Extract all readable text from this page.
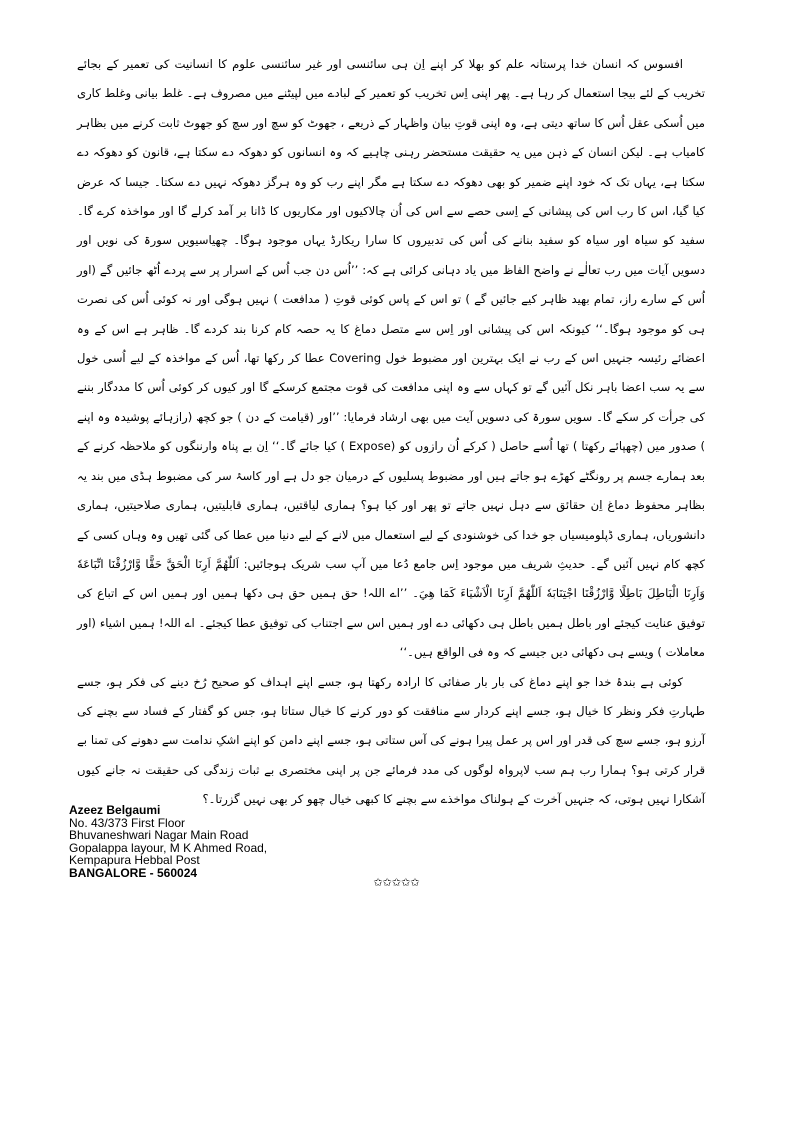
افسوس کہ انسان خدا پرستانہ علم کو بھلا کر اپنے اِن ہی سائنسی اور غیر سائنسی علوم کا انسانیت کی تعمیر کے بجائے تخریب کے لئے بیجا استعمال کر رہا ہے۔ پھر اپنی اِس تخریب کو تعمیر کے لبادے میں لپیٹنے میں مصروف ہے۔ غلط بیانی وغلط کاری میں اُسکی عقل اُس کا ساتھ دیتی ہے، وہ اپنی قوتِ بیان واظہار کے ذریعے ، جھوٹ کو سچ اور سچ کو جھوٹ ثابت کرنے میں بظاہر کامیاب ہے۔ لیکن انسان کے ذہن میں یہ حقیقت مستحضر رہنی چاہیے کہ وہ انسانوں کو دھوکہ دے سکتا ہے، قانون کو دھوکہ دے سکتا ہے، یہاں تک کہ خود اپنے ضمیر کو بھی دھوکہ دے سکتا ہے مگر اپنے رب کو وہ ہرگز دھوکہ نہیں دے سکتا۔ جیسا کہ عرض کیا گیا، اس کا رب اس کی پیشانی کے اِسی حصے سے اس کی اُن چالاکیوں اور مکاریوں کا ڈانا بر آمد کرلے گا اور مواخذہ کرے گا۔ سفید کو سیاہ اور سیاہ کو سفید بنانے کی اُس کی تدبیروں کا سارا ریکارڈ یہاں موجود ہوگا۔ چھیاسیویں سورۃ کی نویں اور دسویں آیات میں رب تعالٰے نے واضح الفاظ میں یاد دہانی کرائی ہے کہ: ’’اُس دن جب اُس کے اسرار پر سے پردے اُٹھ جائیں گے (اور اُس کے سارے راز، تمام بھید ظاہر کیے جائیں گے ) تو اس کے پاس کوئی قوتِ ( مدافعت ) نہیں ہوگی اور نہ کوئی اُس کی نصرت ہی کو موجود ہوگا۔‘‘ کیونکہ اس کی پیشانی اور اِس سے متصل دماغ کا یہ حصہ کام کرنا بند کردے گا۔ ظاہر ہے اس کے وہ اعضائے رئیسہ جنہیں اس کے رب نے ایک بہترین اور مضبوط خول Covering عطا کر رکھا تھا، اُس کے مواخذہ کے لیے اُسی خول سے یہ سب اعضا باہر نکل آئیں گے تو کہاں سے وہ اپنی مدافعت کی قوت مجتمع کرسکے گا اور کیوں کر کوئی اُس کا مددگار بننے کی جرأت کر سکے گا۔ سویں سورۃ کی دسویں آیت میں بھی ارشاد فرمایا: ’’اور (قیامت کے دن ) جو کچھ (رازہائے پوشیدہ وہ اپنے ) صدور میں (چھپائے رکھتا ) تھا اُسے حاصل ( کرکے اُن رازوں کو (Expose ) کیا جائے گا۔‘‘ اِن بے پناہ وارننگوں کو ملاحظہ کرنے کے بعد ہمارے جسم پر رونگٹے کھڑے ہو جاتے ہیں اور مضبوط پسلیوں کے درمیان جو دل ہے اور کاسۂ سر کی مضبوط ہڈی میں بند یہ بظاہر محفوظ دماغ اِن حقائق سے دہل نہیں جاتے تو پھر اور کیا ہو؟ ہماری لیاقتیں، ہماری قابلیتیں، ہماری صلاحیتیں، ہماری دانشوریاں، ہماری ڈپلومیسیاں جو خدا کی خوشنودی کے لیے استعمال میں لانے کے لیے دنیا میں عطا کی گئی تھیں وہ وہاں کسی کے کچھ کام نہیں آئیں گے۔ حدیثِ شریف میں موجود اِس جامع دُعا میں آپ سب شریک ہوجائیں: اَللّٰهُمَّ اَرِنَا الْحَقَّ حَقًّا وَّارْزُقْنَا اتِّبَاعَهٗ وَاَرِنَا الْبَاطِلَ بَاطِلًا وَّارْزُقْنَا اجْتِنَابَهٗ اَللّٰهُمَّ اَرِنَا الْاَشْيَاءَ كَمَا هِيَ۔ ’’اے اللہ! حق ہمیں حق ہی دکھا ہمیں اور ہمیں اس کے اتباع کی توفیق عنایت کیجئے اور باطل ہمیں باطل ہی دکھائی دے اور ہمیں اس سے اجتناب کی توفیق عطا کیجئے۔ اے اللہ! ہمیں اشیاء (اور معاملات ) ویسے ہی دکھائی دیں جیسے کہ وہ فی الواقع ہیں۔‘‘

کوئی ہے بندۂ خدا جو اپنے دماغ کی بار بار صفائی کا ارادہ رکھتا ہو، جسے اپنے اہداف کو صحیح رُخ دینے کی فکر ہو، جسے طہارتِ فکر ونظر کا خیال ہو، جسے اپنے کردار سے منافقت کو دور کرنے کا خیال ستاتا ہو، جس کو گفتار کے فساد سے بچنے کی آرزو ہو، جسے سچ کی قدر اور اس پر عمل پیرا ہونے کی آس ستاتی ہو، جسے اپنے دامن کو اپنے اشکِ ندامت سے دھونے کی تمنا بے قرار کرتی ہو؟ ہمارا رب ہم سب لاپرواہ لوگوں کی مدد فرمائے جن پر اپنی مختصری بے ثبات زندگی کی حقیقت نہ جانے کیوں آشکارا نہیں ہوتی، کہ جنہیں آخرت کے ہولناک مواخذے سے بچنے کا کبھی خیال چھو کر بھی نہیں گزرتا۔؟

Azeez Belgaumi
No. 43/373 First Floor
Bhuvaneshwari Nagar Main Road
Gopalappa layour, M K Ahmed Road,
Kempapura Hebbal Post
BANGALORE - 560024
✩✩✩✩✩
